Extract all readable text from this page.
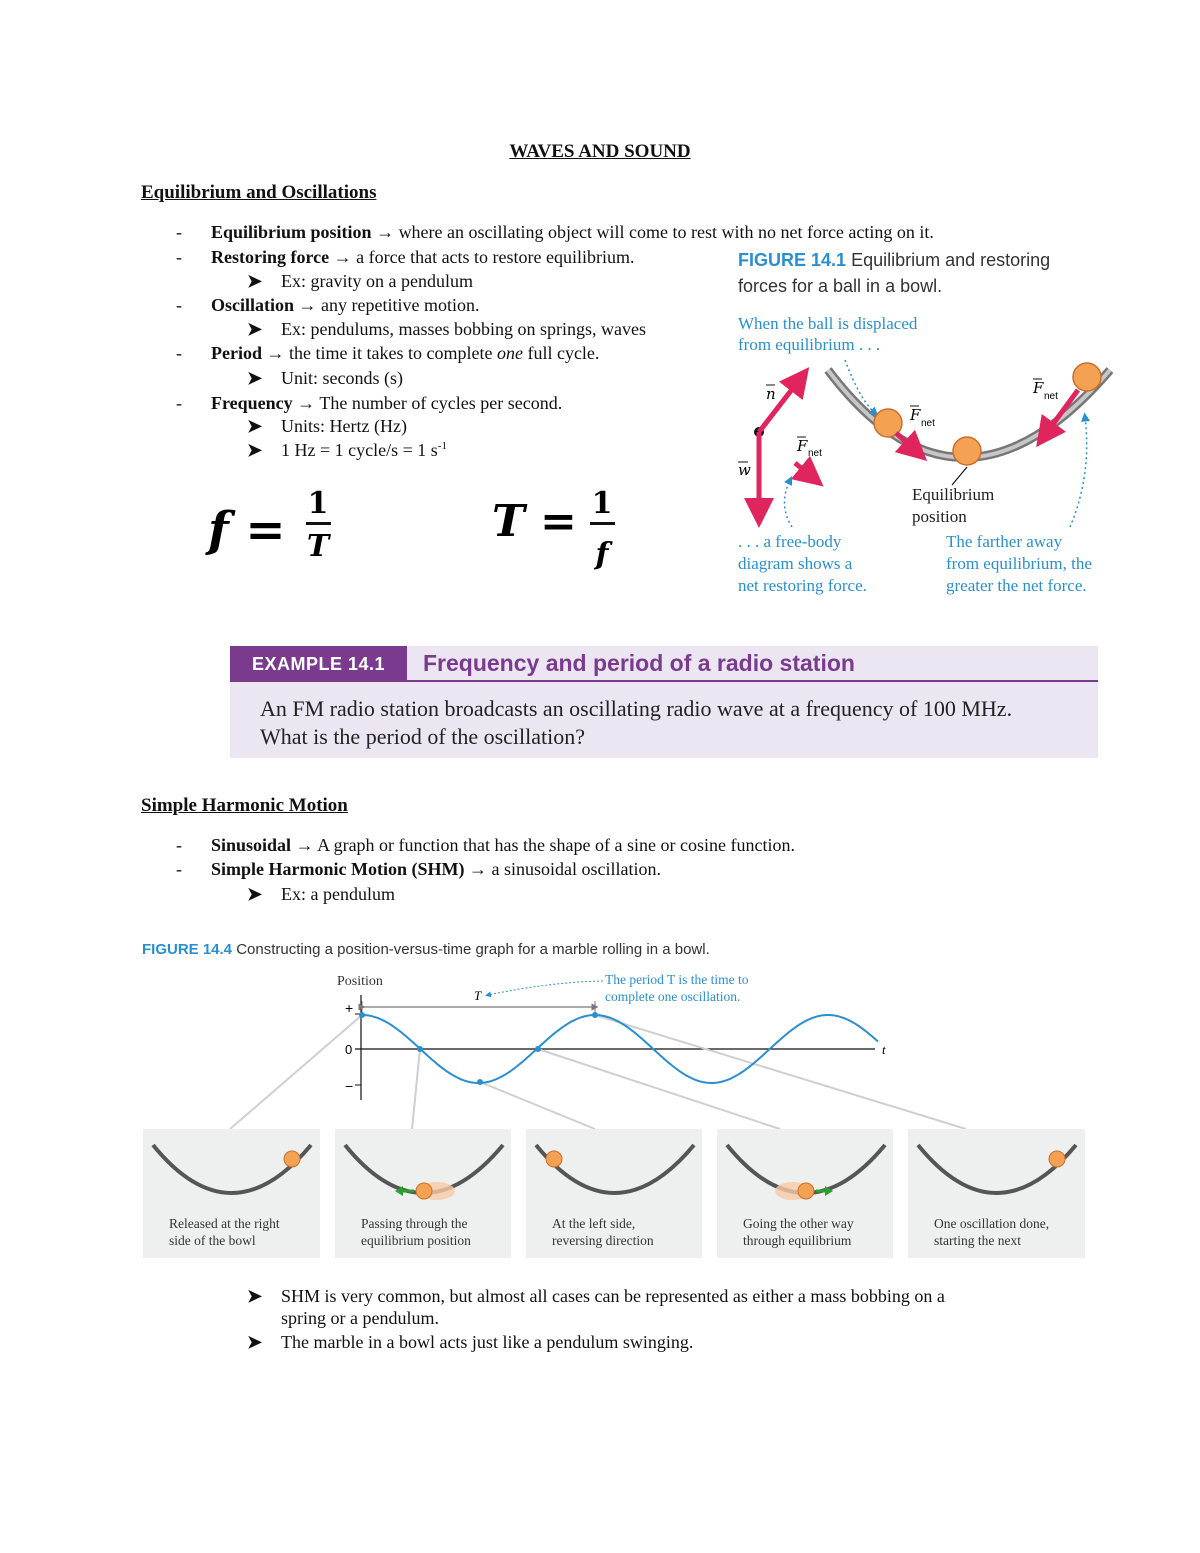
WAVES AND SOUND
Equilibrium and Oscillations
- Equilibrium position → where an oscillating object will come to rest with no net force acting on it.
- Restoring force → a force that acts to restore equilibrium.
➤ Ex: gravity on a pendulum
- Oscillation → any repetitive motion.
➤ Ex: pendulums, masses bobbing on springs, waves
- Period → the time it takes to complete one full cycle.
➤ Unit: seconds (s)
- Frequency → The number of cycles per second.
➤ Units: Hertz (Hz)
➤ 1 Hz = 1 cycle/s = 1 $s^{-1}$
f = 1
T	T = 1
f
FIGURE 14.1 Equilibrium and restoring
forces for a ball in a bowl.
When the ball is displaced
from equilibrium . . .
n
w
F net
F net
F net
Equilibrium
position
. . . a free-body
diagram shows a
net restoring force.
The farther away
from equilibrium, the
greater the net force.
EXAMPLE 14.1	Frequency and period of a radio station
An FM radio station broadcasts an oscillating radio wave at a frequency of 100 MHz.
What is the period of the oscillation?
Simple Harmonic Motion
- Sinusoidal → A graph or function that has the shape of a sine or cosine function.
- Simple Harmonic Motion (SHM) → a sinusoidal oscillation.
➤ Ex: a pendulum
FIGURE 14.4 Constructing a position-versus-time graph for a marble rolling in a bowl.
Position
+
0
−
t
T
The period T is the time to
complete one oscillation.
Released at the right
side of the bowl
Passing through the
equilibrium position
At the left side,
reversing direction
Going the other way
through equilibrium
One oscillation done,
starting the next
➤ SHM is very common, but almost all cases can be represented as either a mass bobbing on a
spring or a pendulum.
➤ The marble in a bowl acts just like a pendulum swinging.
